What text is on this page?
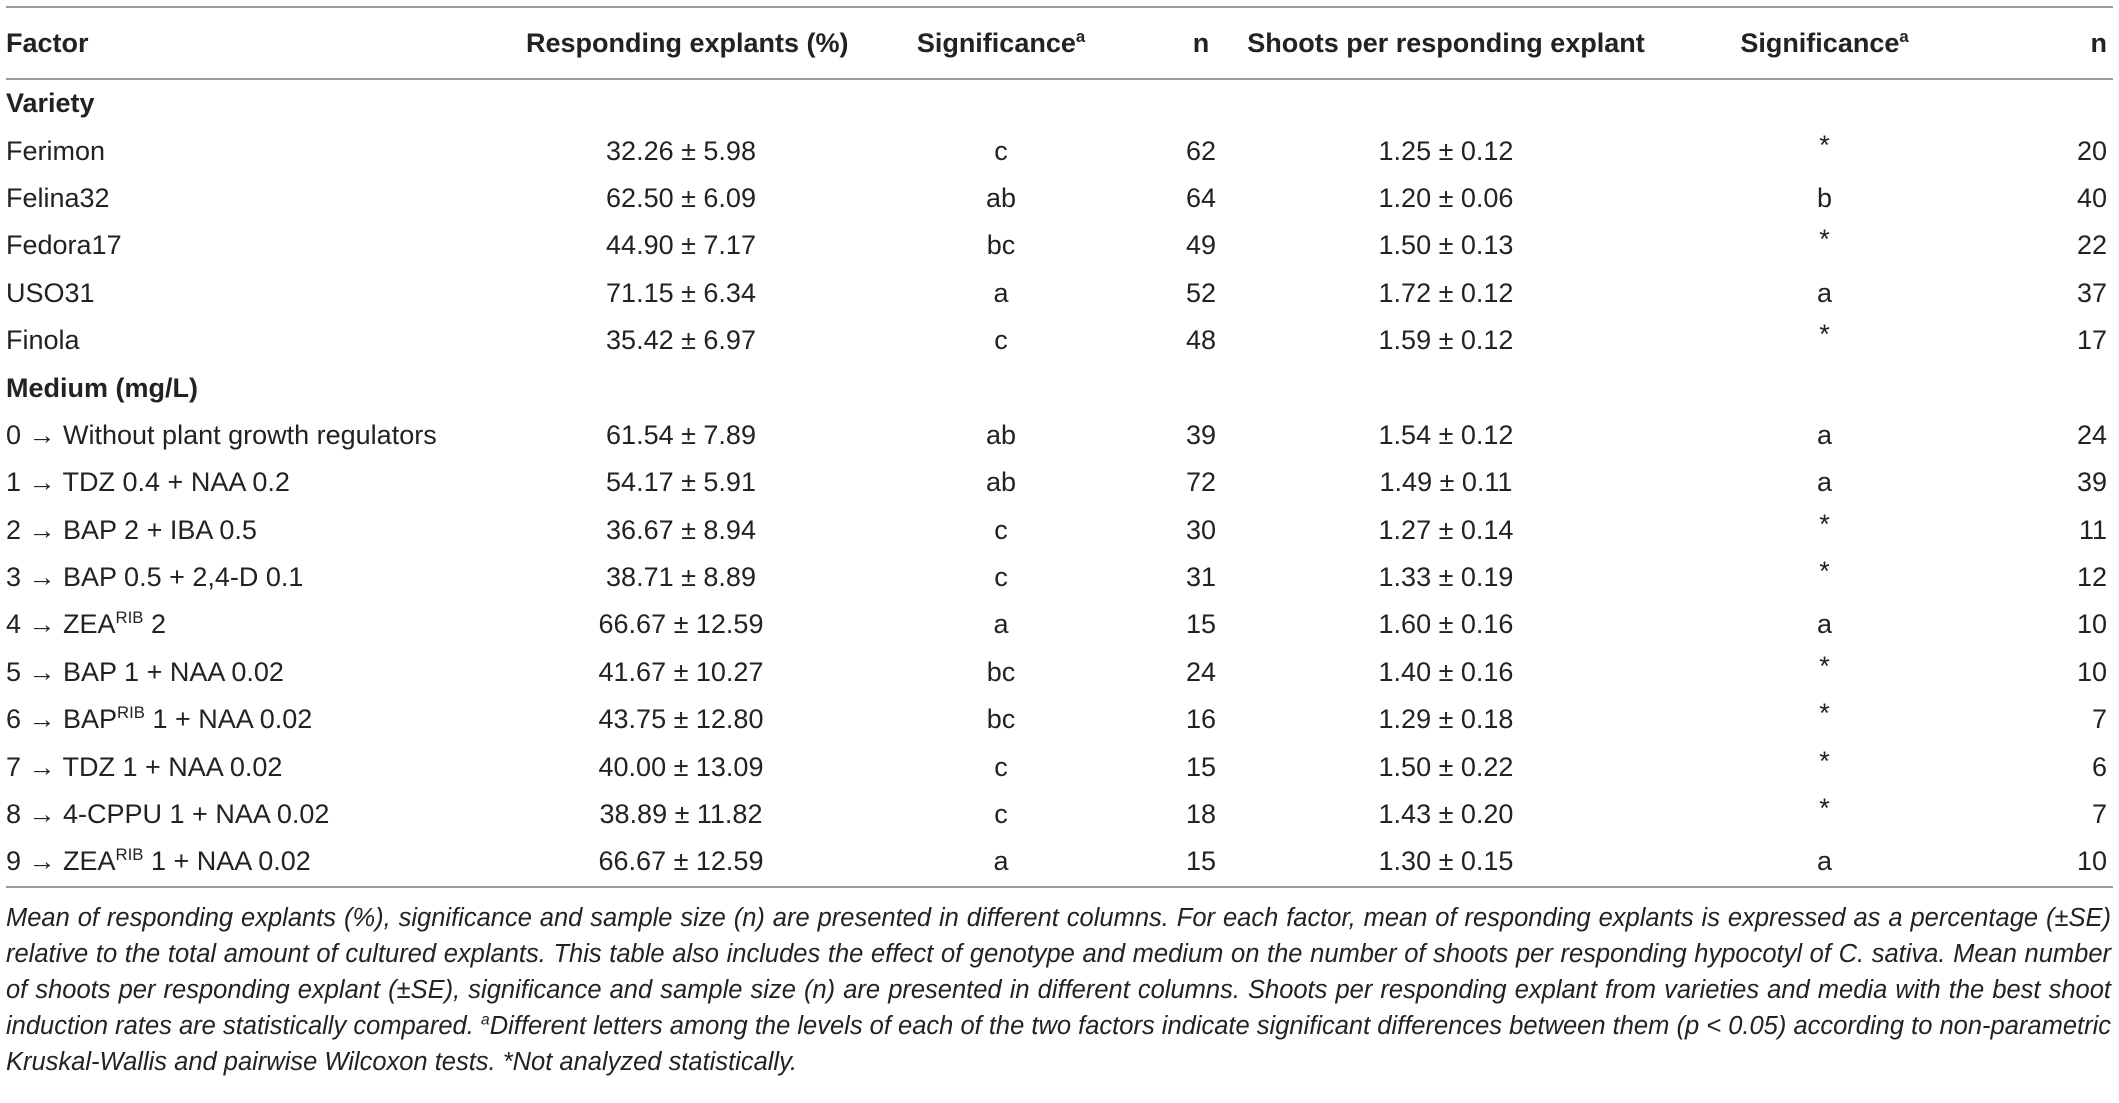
Factor	Responding explants (%)	Significance$^a$	n	Shoots per responding explant	Significance$^a$	n
Variety						
Ferimon	32.26 ± 5.98	c	62	1.25 ± 0.12	*	20
Felina32	62.50 ± 6.09	ab	64	1.20 ± 0.06	b	40
Fedora17	44.90 ± 7.17	bc	49	1.50 ± 0.13	*	22
USO31	71.15 ± 6.34	a	52	1.72 ± 0.12	a	37
Finola	35.42 ± 6.97	c	48	1.59 ± 0.12	*	17
Medium (mg/L)						
0 → Without plant growth regulators	61.54 ± 7.89	ab	39	1.54 ± 0.12	a	24
1 → TDZ 0.4 + NAA 0.2	54.17 ± 5.91	ab	72	1.49 ± 0.11	a	39
2 → BAP 2 + IBA 0.5	36.67 ± 8.94	c	30	1.27 ± 0.14	*	11
3 → BAP 0.5 + 2,4-D 0.1	38.71 ± 8.89	c	31	1.33 ± 0.19	*	12
$4 \to ZEA^{RIB}$ 2	66.67 ± 12.59	a	15	1.60 ± 0.16	a	10
5 → BAP 1 + NAA 0.02	41.67 ± 10.27	bc	24	1.40 ± 0.16	*	10
$6 \to BAP^{RIB}$ 1 + NAA 0.02	43.75 ± 12.80	bc	16	1.29 ± 0.18	*	7
7 → TDZ 1 + NAA 0.02	40.00 ± 13.09	c	15	1.50 ± 0.22	*	6
8 → 4-CPPU 1 + NAA 0.02	38.89 ± 11.82	c	18	1.43 ± 0.20	*	7
$9 \to ZEA^{RIB}$ 1 + NAA 0.02	66.67 ± 12.59	a	15	1.30 ± 0.15	a	10
Mean of responding explants (%), significance and sample size (n) are presented in different columns. For each factor, mean of responding explants is expressed as a percentage (±SE) relative to the total amount of cultured explants. This table also includes the effect of genotype and medium on the number of shoots per responding hypocotyl of C. sativa. Mean number of shoots per responding explant (±SE), significance and sample size (n) are presented in different columns. Shoots per responding explant from varieties and media with the best shoot induction rates are statistically compared. $^a$Different letters among the levels of each of the two factors indicate significant differences between them (p < 0.05) according to non-parametric Kruskal-Wallis and pairwise Wilcoxon tests. *Not analyzed statistically.
